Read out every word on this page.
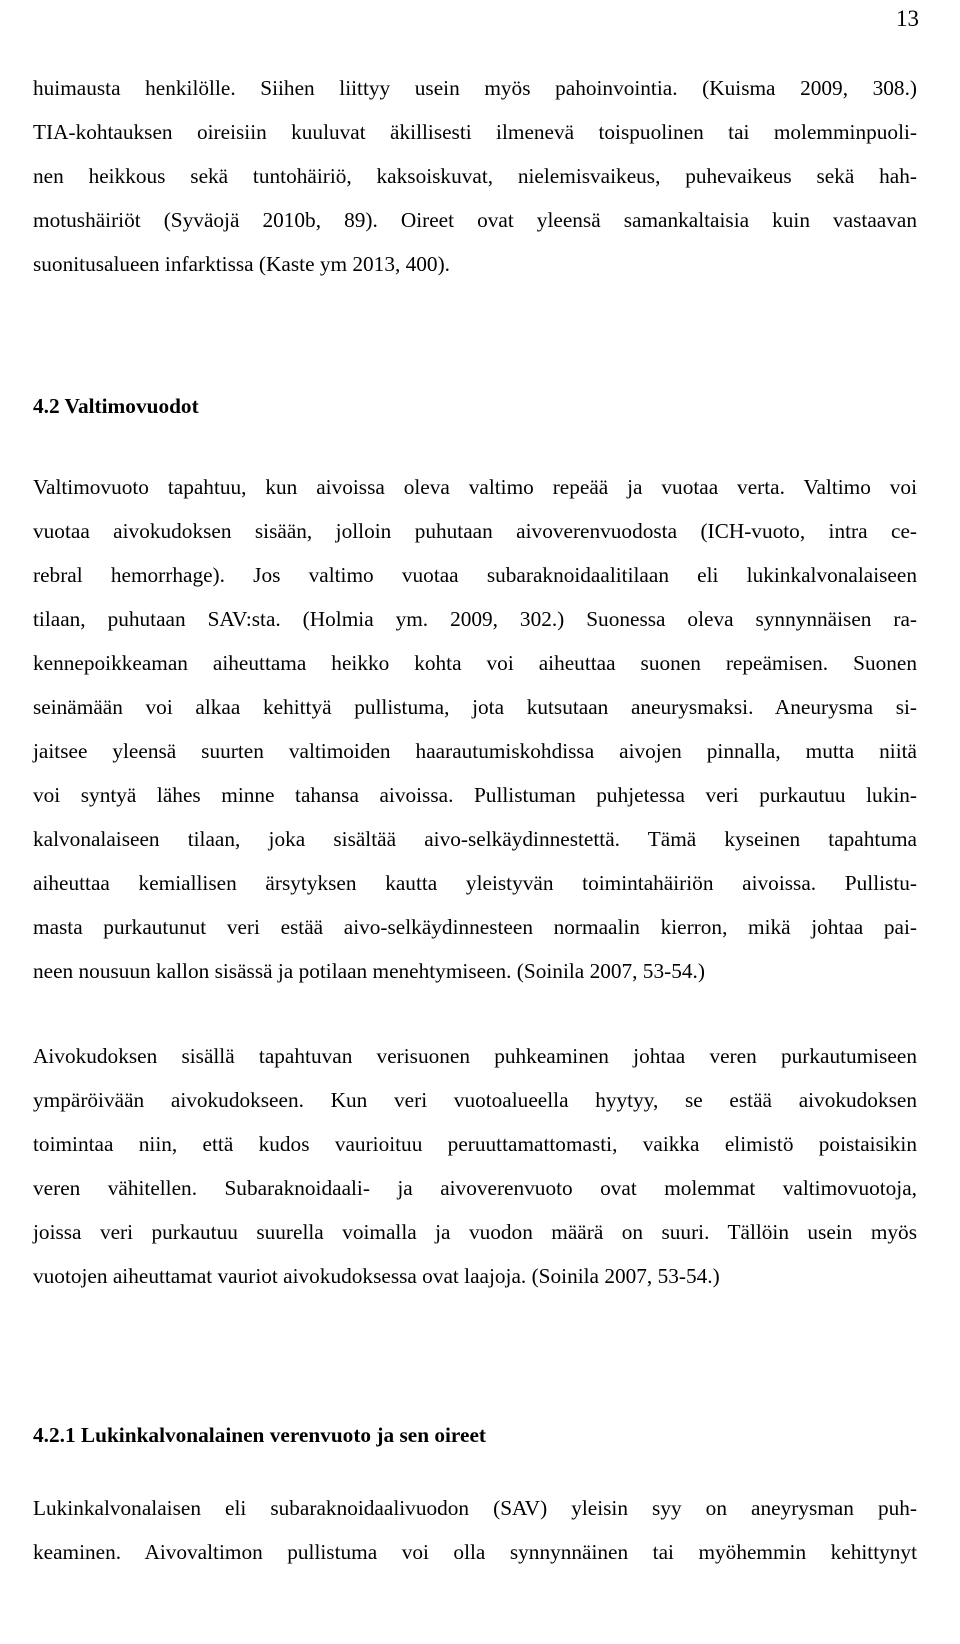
13

huimausta henkilölle. Siihen liittyy usein myös pahoinvointia. (Kuisma 2009, 308.)
TIA-kohtauksen oireisiin kuuluvat äkillisesti ilmenevä toispuolinen tai molemminpuoli-
nen heikkous sekä tuntohäiriö, kaksoiskuvat, nielemisvaikeus, puhevaikeus sekä hah-
motushäiriöt (Syväojä 2010b, 89). Oireet ovat yleensä samankaltaisia kuin vastaavan
suonitusalueen infarktissa (Kaste ym 2013, 400).

4.2 Valtimovuodot

Valtimovuoto tapahtuu, kun aivoissa oleva valtimo repeää ja vuotaa verta. Valtimo voi
vuotaa aivokudoksen sisään, jolloin puhutaan aivoverenvuodosta (ICH-vuoto, intra ce-
rebral hemorrhage). Jos valtimo vuotaa subaraknoidaalitilaan eli lukinkalvonalaiseen
tilaan, puhutaan SAV:sta. (Holmia ym. 2009, 302.) Suonessa oleva synnynnäisen ra-
kennepoikkeaman aiheuttama heikko kohta voi aiheuttaa suonen repeämisen. Suonen
seinämään voi alkaa kehittyä pullistuma, jota kutsutaan aneurysmaksi. Aneurysma si-
jaitsee yleensä suurten valtimoiden haarautumiskohdissa aivojen pinnalla, mutta niitä
voi syntyä lähes minne tahansa aivoissa. Pullistuman puhjetessa veri purkautuu lukin-
kalvonalaiseen tilaan, joka sisältää aivo-selkäydinnestettä. Tämä kyseinen tapahtuma
aiheuttaa kemiallisen ärsytyksen kautta yleistyvän toimintahäiriön aivoissa. Pullistu-
masta purkautunut veri estää aivo-selkäydinnesteen normaalin kierron, mikä johtaa pai-
neen nousuun kallon sisässä ja potilaan menehtymiseen. (Soinila 2007, 53-54.)

Aivokudoksen sisällä tapahtuvan verisuonen puhkeaminen johtaa veren purkautumiseen
ympäröivään aivokudokseen. Kun veri vuotoalueella hyytyy, se estää aivokudoksen
toimintaa niin, että kudos vaurioituu peruuttamattomasti, vaikka elimistö poistaisikin
veren vähitellen. Subaraknoidaali- ja aivoverenvuoto ovat molemmat valtimovuotoja,
joissa veri purkautuu suurella voimalla ja vuodon määrä on suuri. Tällöin usein myös
vuotojen aiheuttamat vauriot aivokudoksessa ovat laajoja. (Soinila 2007, 53-54.)

4.2.1 Lukinkalvonalainen verenvuoto ja sen oireet

Lukinkalvonalaisen eli subaraknoidaalivuodon (SAV) yleisin syy on aneyrysman puh-
keaminen. Aivovaltimon pullistuma voi olla synnynnäinen tai myöhemmin kehittynyt
